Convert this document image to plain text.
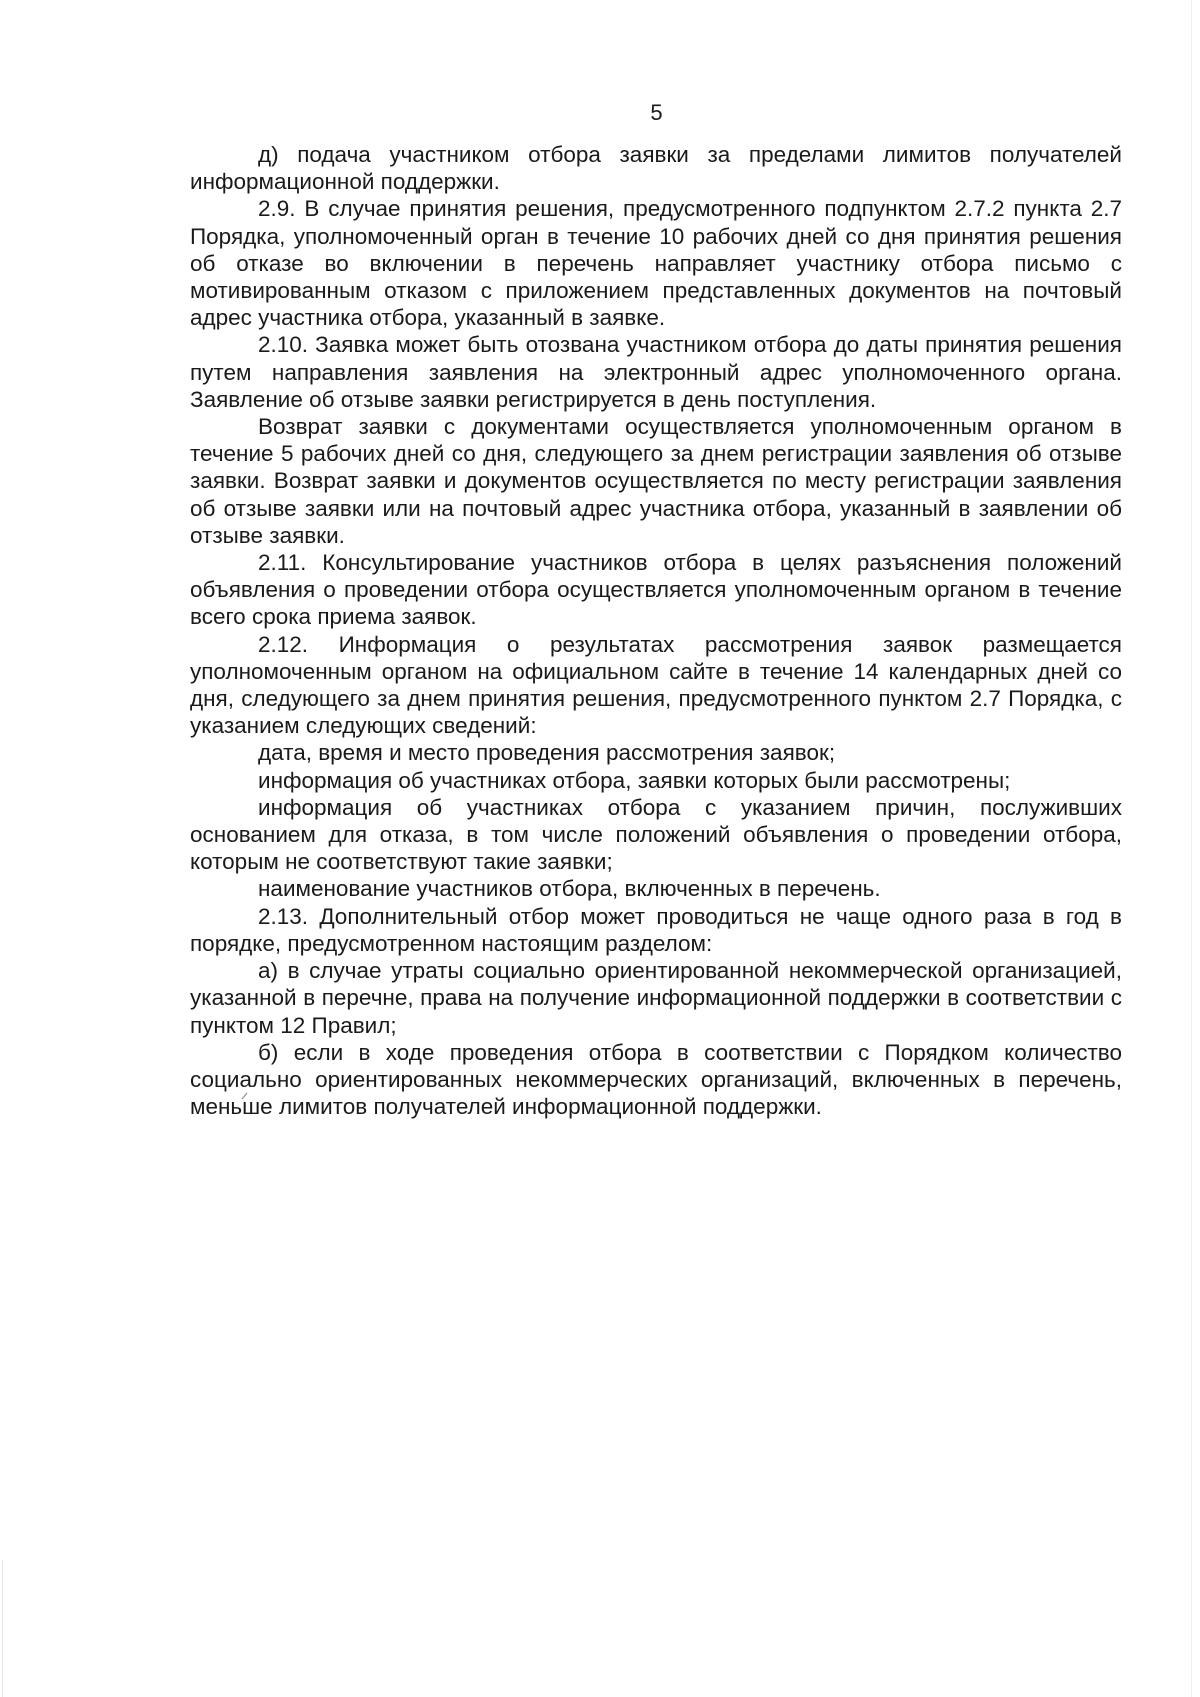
5

д) подача участником отбора заявки за пределами лимитов получателей информационной поддержки.

2.9. В случае принятия решения, предусмотренного подпунктом 2.7.2 пункта 2.7 Порядка, уполномоченный орган в течение 10 рабочих дней со дня принятия решения об отказе во включении в перечень направляет участнику отбора письмо с мотивированным отказом с приложением представленных документов на почтовый адрес участника отбора, указанный в заявке.

2.10. Заявка может быть отозвана участником отбора до даты принятия решения путем направления заявления на электронный адрес уполномоченного органа. Заявление об отзыве заявки регистрируется в день поступления.

Возврат заявки с документами осуществляется уполномоченным органом в течение 5 рабочих дней со дня, следующего за днем регистрации заявления об отзыве заявки. Возврат заявки и документов осуществляется по месту регистрации заявления об отзыве заявки или на почтовый адрес участника отбора, указанный в заявлении об отзыве заявки.

2.11. Консультирование участников отбора в целях разъяснения положений объявления о проведении отбора осуществляется уполномоченным органом в течение всего срока приема заявок.

2.12. Информация о результатах рассмотрения заявок размещается уполномоченным органом на официальном сайте в течение 14 календарных дней со дня, следующего за днем принятия решения, предусмотренного пунктом 2.7 Порядка, с указанием следующих сведений:

дата, время и место проведения рассмотрения заявок;

информация об участниках отбора, заявки которых были рассмотрены;

информация об участниках отбора с указанием причин, послуживших основанием для отказа, в том числе положений объявления о проведении отбора, которым не соответствуют такие заявки;

наименование участников отбора, включенных в перечень.

2.13. Дополнительный отбор может проводиться не чаще одного раза в год в порядке, предусмотренном настоящим разделом:

а) в случае утраты социально ориентированной некоммерческой организацией, указанной в перечне, права на получение информационной поддержки в соответствии с пунктом 12 Правил;

б) если в ходе проведения отбора в соответствии с Порядком количество социально ориентированных некоммерческих организаций, включенных в перечень, меньше лимитов получателей информационной поддержки.
